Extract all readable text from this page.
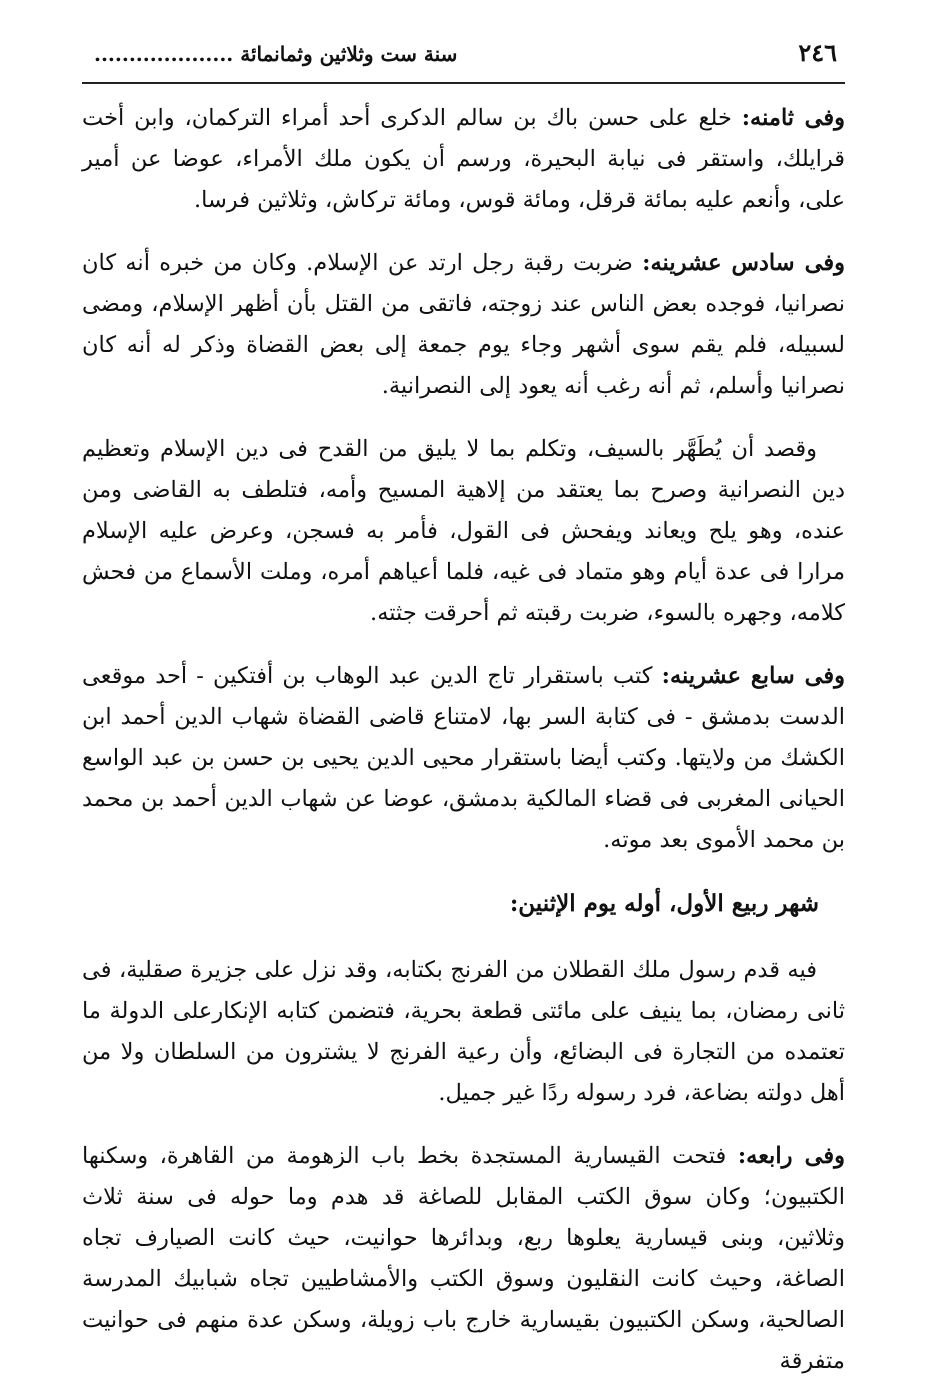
٢٤٦
سنة ست وثلاثين وثمانمائة ....................

وفى ثامنه: خلع على حسن باك بن سالم الدكرى أحد أمراء التركمان، وابن أخت قرايلك، واستقر فى نيابة البحيرة، ورسم أن يكون ملك الأمراء، عوضا عن أمير على، وأنعم عليه بمائة قرقل، ومائة قوس، ومائة تركاش، وثلاثين فرسا.

وفى سادس عشرينه: ضربت رقبة رجل ارتد عن الإسلام. وكان من خبره أنه كان نصرانيا، فوجده بعض الناس عند زوجته، فاتقى من القتل بأن أظهر الإسلام، ومضى لسبيله، فلم يقم سوى أشهر وجاء يوم جمعة إلى بعض القضاة وذكر له أنه كان نصرانيا وأسلم، ثم أنه رغب أنه يعود إلى النصرانية.

وقصد أن يُطَهَّر بالسيف، وتكلم بما لا يليق من القدح فى دين الإسلام وتعظيم دين النصرانية وصرح بما يعتقد من إلاهية المسيح وأمه، فتلطف به القاضى ومن عنده، وهو يلح ويعاند ويفحش فى القول، فأمر به فسجن، وعرض عليه الإسلام مرارا فى عدة أيام وهو متماد فى غيه، فلما أعياهم أمره، وملت الأسماع من فحش كلامه، وجهره بالسوء، ضربت رقبته ثم أحرقت جثته.

وفى سابع عشرينه: كتب باستقرار تاج الدين عبد الوهاب بن أفتكين - أحد موقعى الدست بدمشق - فى كتابة السر بها، لامتناع قاضى القضاة شهاب الدين أحمد ابن الكشك من ولايتها. وكتب أيضا باستقرار محيى الدين يحيى بن حسن بن عبد الواسع الحيانى المغربى فى قضاء المالكية بدمشق، عوضا عن شهاب الدين أحمد بن محمد بن محمد الأموى بعد موته.

شهر ربيع الأول، أوله يوم الإثنين:

فيه قدم رسول ملك القطلان من الفرنج بكتابه، وقد نزل على جزيرة صقلية، فى ثانى رمضان، بما ينيف على مائتى قطعة بحرية، فتضمن كتابه الإنكارعلى الدولة ما تعتمده من التجارة فى البضائع، وأن رعية الفرنج لا يشترون من السلطان ولا من أهل دولته بضاعة، فرد رسوله ردًا غير جميل.

وفى رابعه: فتحت القيسارية المستجدة بخط باب الزهومة من القاهرة، وسكنها الكتبيون؛ وكان سوق الكتب المقابل للصاغة قد هدم وما حوله فى سنة ثلاث وثلاثين، وبنى قيسارية يعلوها ربع، وبدائرها حوانيت، حيث كانت الصيارف تجاه الصاغة، وحيث كانت النقليون وسوق الكتب والأمشاطيين تجاه شبابيك المدرسة الصالحية، وسكن الكتبيون بقيسارية خارج باب زويلة، وسكن عدة منهم فى حوانيت متفرقة
